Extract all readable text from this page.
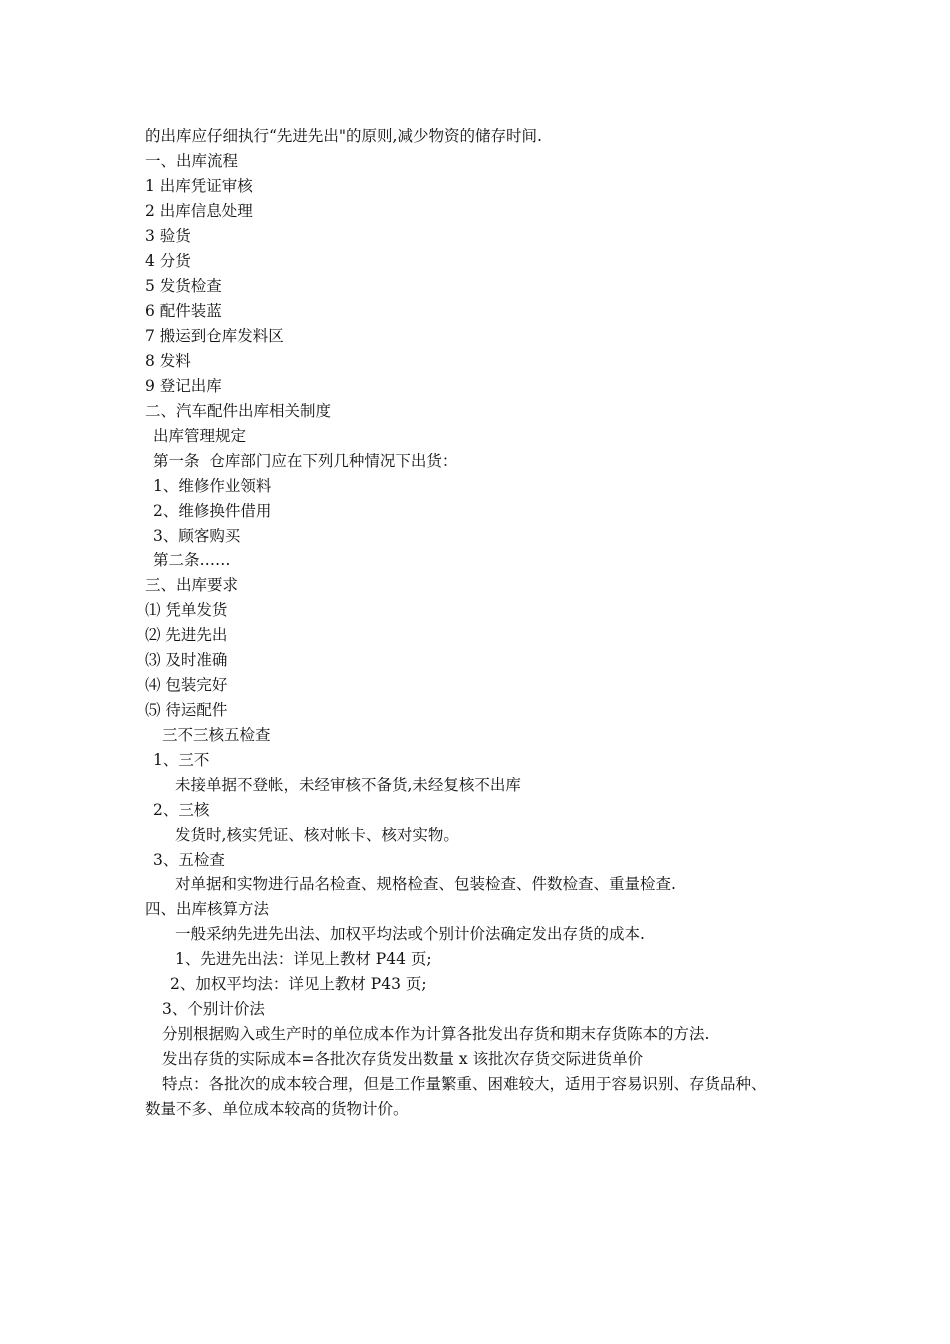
的出库应仔细执行“先进先出"的原则,减少物资的储存时间.
一、出库流程
1 出库凭证审核
2 出库信息处理
3 验货
4 分货
5 发货检查
6 配件装蓝
7 搬运到仓库发料区
8 发料
9 登记出库
二、汽车配件出库相关制度
出库管理规定
第一条  仓库部门应在下列几种情况下出货：
1、维修作业领料
2、维修换件借用
3、顾客购买
第二条……
三、出库要求
⑴ 凭单发货
⑵ 先进先出
⑶ 及时准确
⑷ 包装完好
⑸ 待运配件
三不三核五检查
1、三不
未接单据不登帐，未经审核不备货,未经复核不出库
2、三核
发货时,核实凭证、核对帐卡、核对实物。
3、五检查
对单据和实物进行品名检查、规格检查、包装检查、件数检查、重量检查.
四、出库核算方法
一般采纳先进先出法、加权平均法或个别计价法确定发出存货的成本.
1、先进先出法：详见上教材 P44 页;
2、加权平均法：详见上教材 P43 页;
3、个别计价法
分别根据购入或生产时的单位成本作为计算各批发出存货和期末存货陈本的方法.
发出存货的实际成本=各批次存货发出数量 x 该批次存货交际进货单价
特点：各批次的成本较合理，但是工作量繁重、困难较大，适用于容易识别、存货品种、
数量不多、单位成本较高的货物计价。
